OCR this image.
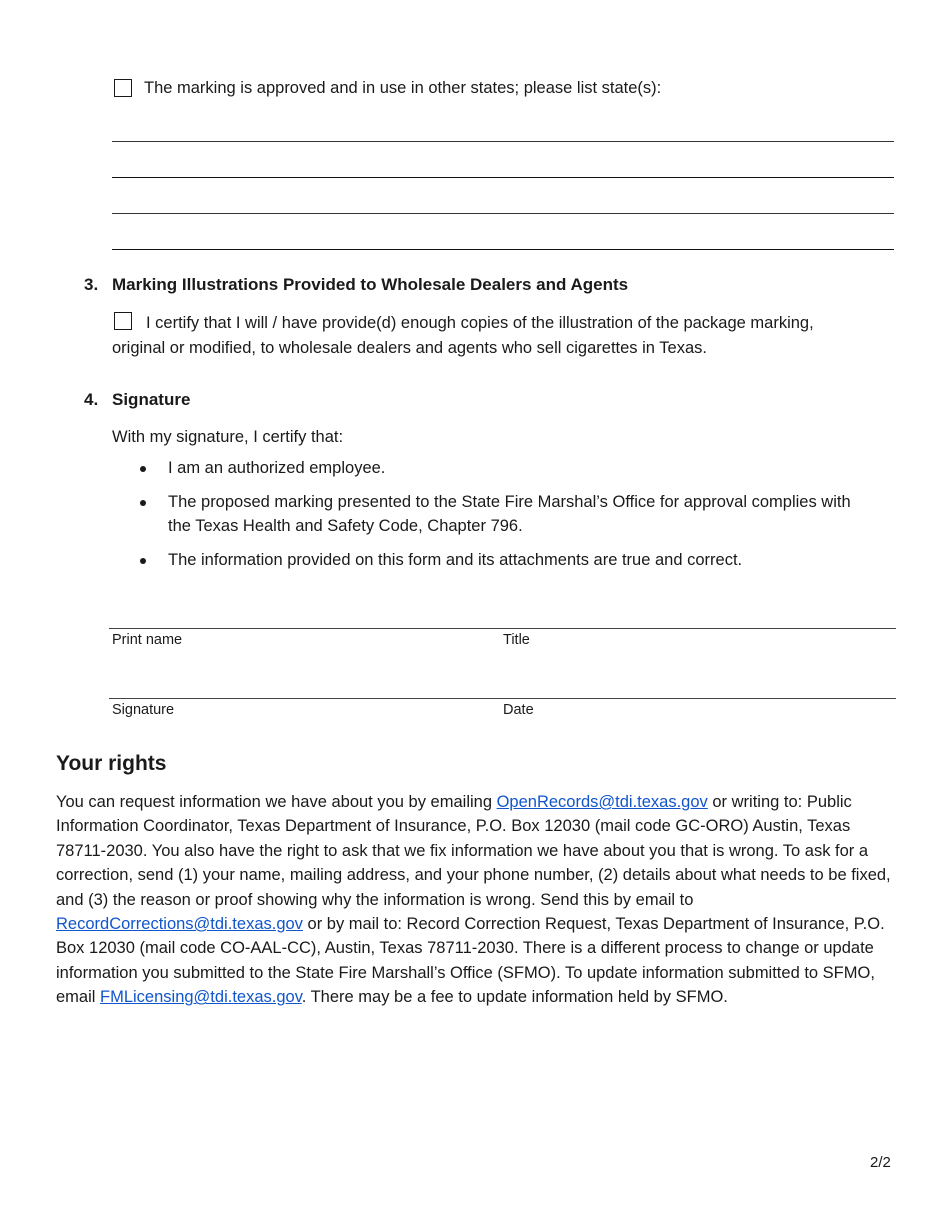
The marking is approved and in use in other states; please list state(s):
3. Marking Illustrations Provided to Wholesale Dealers and Agents
I certify that I will / have provide(d) enough copies of the illustration of the package marking,
original or modified, to wholesale dealers and agents who sell cigarettes in Texas.
4. Signature
With my signature, I certify that:
I am an authorized employee.
The proposed marking presented to the State Fire Marshal’s Office for approval complies with
the Texas Health and Safety Code, Chapter 796.
The information provided on this form and its attachments are true and correct.
Print name	Title
Signature	Date
Your rights
You can request information we have about you by emailing OpenRecords@tdi.texas.gov or writing to: Public Information Coordinator, Texas Department of Insurance, P.O. Box 12030 (mail code GC-ORO) Austin, Texas 78711-2030. You also have the right to ask that we fix information we have about you that is wrong. To ask for a correction, send (1) your name, mailing address, and your phone number, (2) details about what needs to be fixed, and (3) the reason or proof showing why the information is wrong. Send this by email to RecordCorrections@tdi.texas.gov or by mail to: Record Correction Request, Texas Department of Insurance, P.O. Box 12030 (mail code CO-AAL-CC), Austin, Texas 78711-2030. There is a different process to change or update information you submitted to the State Fire Marshall’s Office (SFMO). To update information submitted to SFMO, email FMLicensing@tdi.texas.gov. There may be a fee to update information held by SFMO.
2/2
